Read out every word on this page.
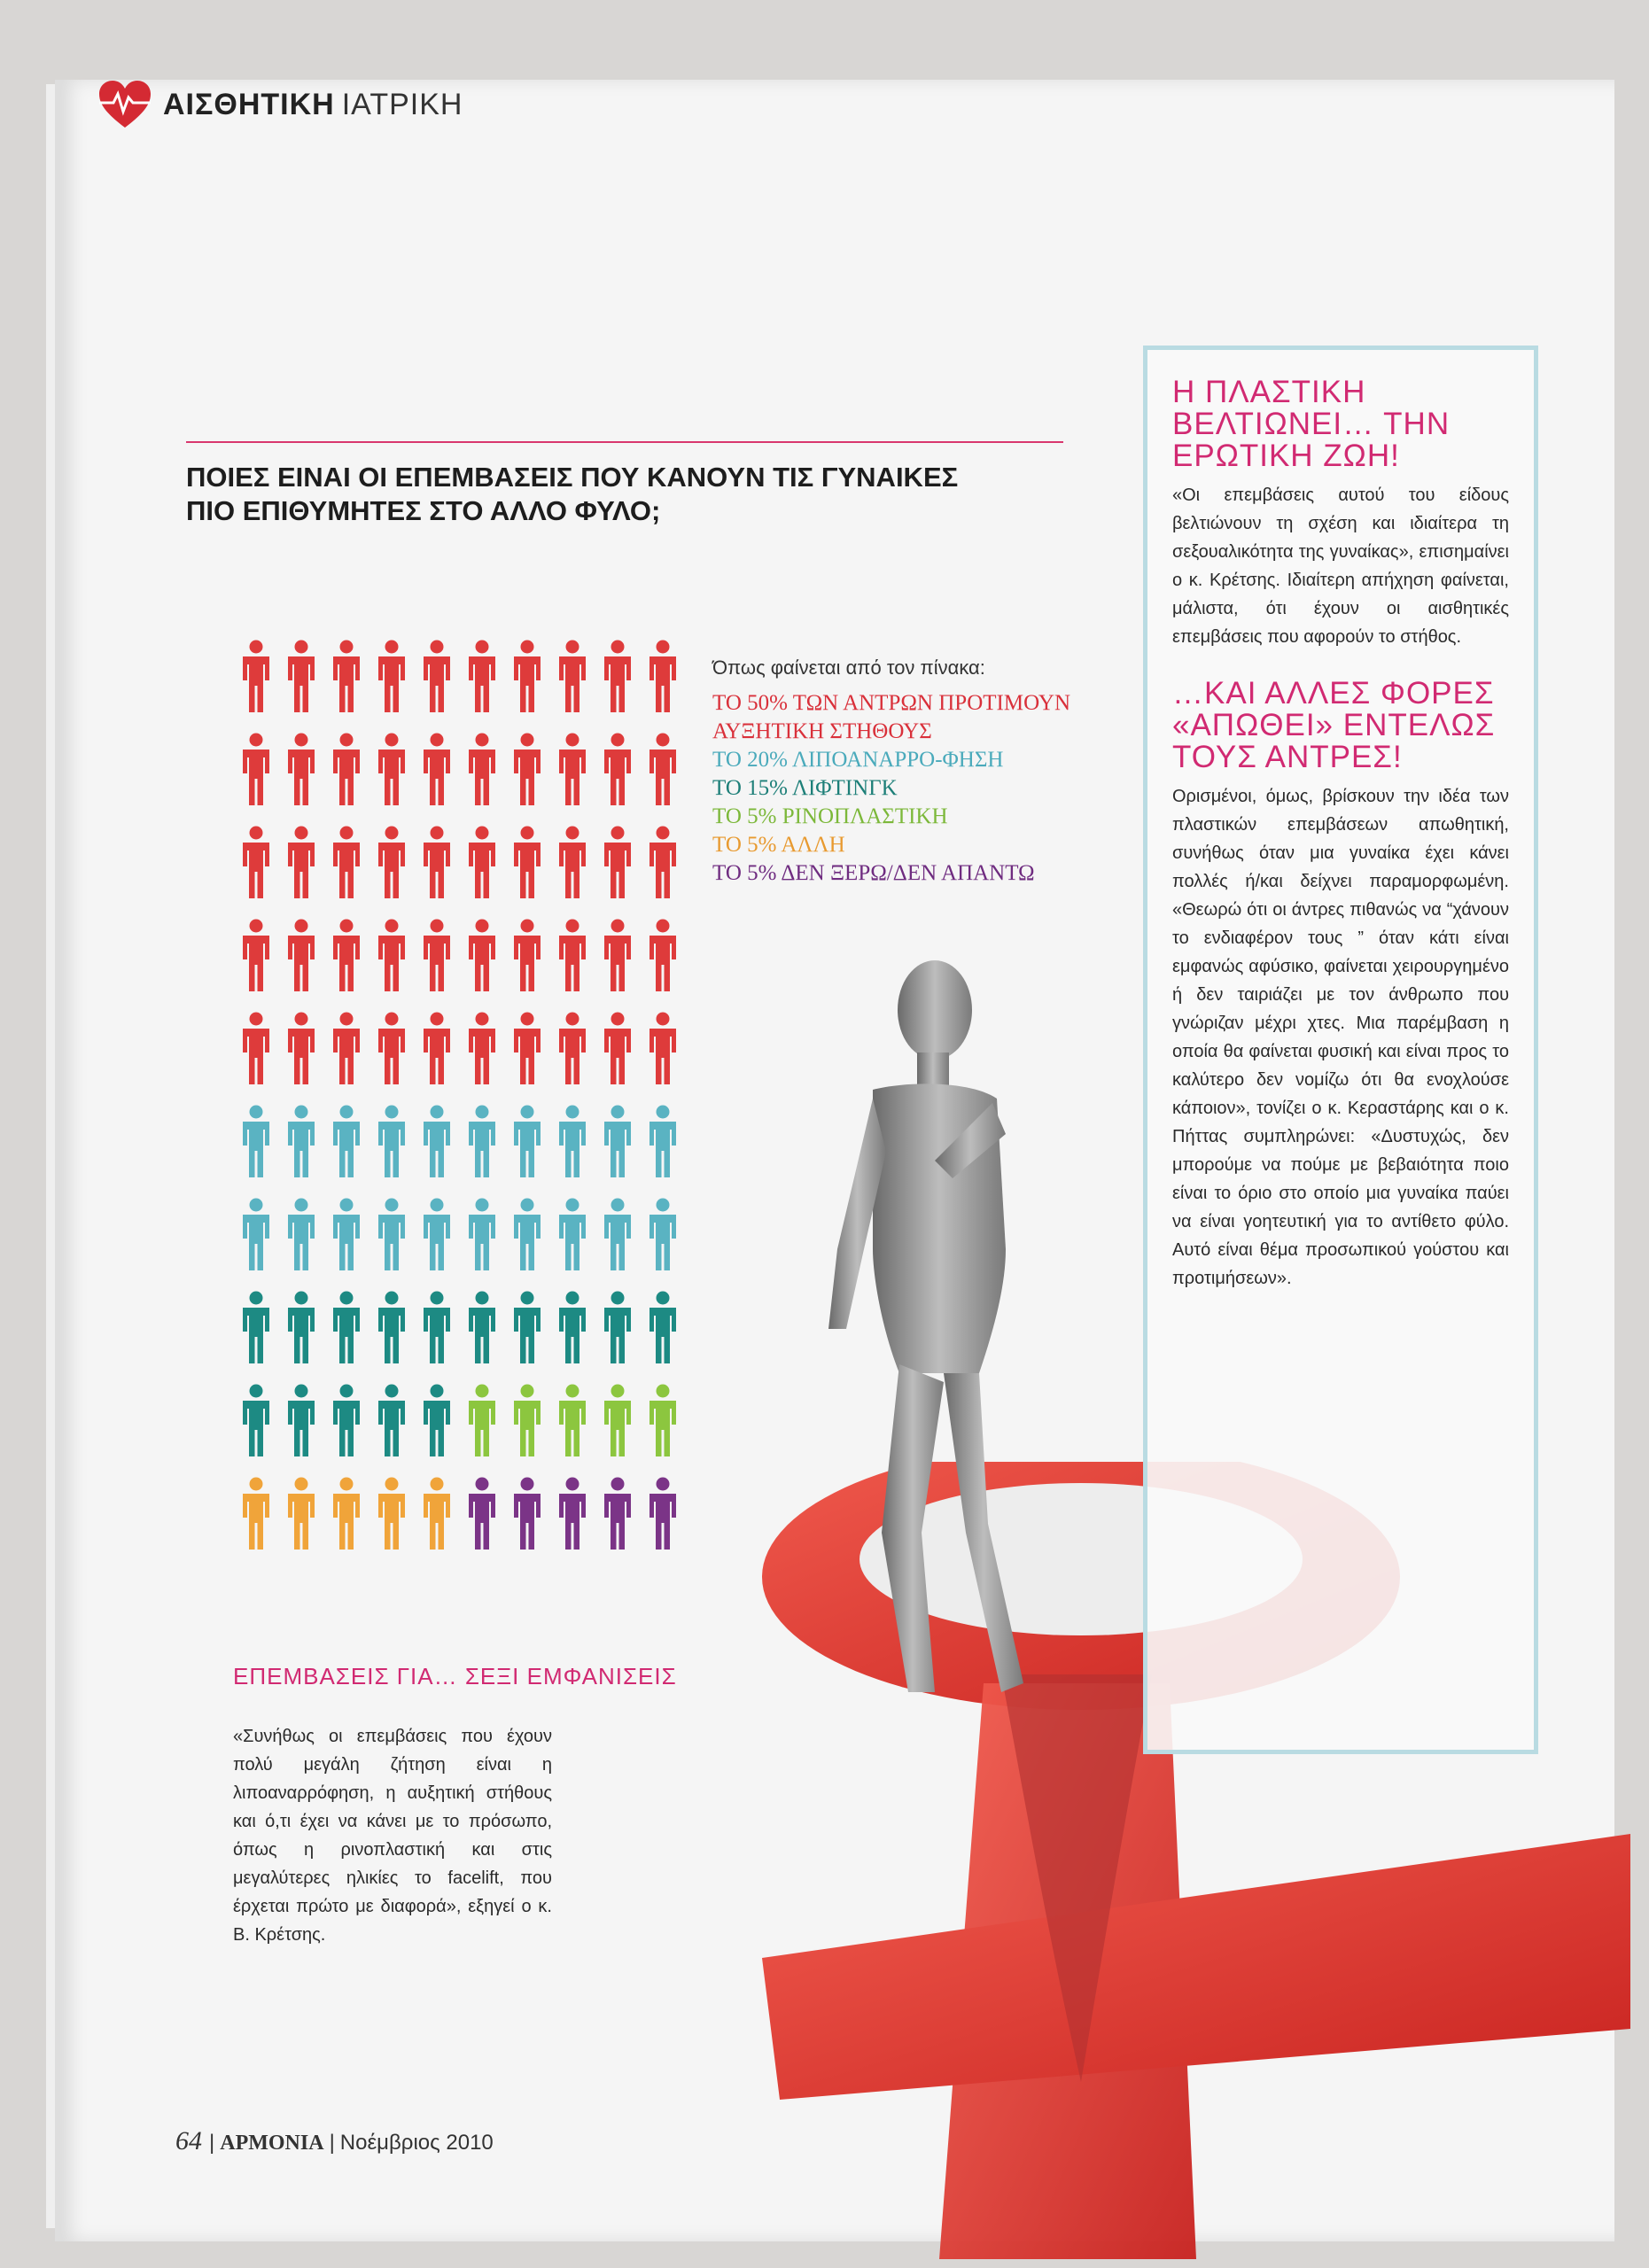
ΑΙΣΘΗΤΙΚΗ ΙΑΤΡΙΚΗ
ΠΟΙΕΣ ΕΙΝΑΙ ΟΙ ΕΠΕΜΒΑΣΕΙΣ ΠΟΥ ΚΑΝΟΥΝ ΤΙΣ ΓΥΝΑΙΚΕΣ ΠΙΟ ΕΠΙΘΥΜΗΤΕΣ ΣΤΟ ΑΛΛΟ ΦΥΛΟ;
Όπως φαίνεται από τον πίνακα:
ΤΟ 50% ΤΩΝ ΑΝΤΡΩΝ ΠΡΟΤΙΜΟΥΝ ΑΥΞΗΤΙΚΗ ΣΤΗΘΟΥΣ
ΤΟ 20% ΛΙΠΟΑΝΑΡΡΟ-ΦΗΣΗ
ΤΟ 15% ΛΙΦΤΙΝΓΚ
ΤΟ 5% ΡΙΝΟΠΛΑΣΤΙΚΗ
ΤΟ 5% ΑΛΛΗ
ΤΟ 5% ΔΕΝ ΞΕΡΩ/ΔΕΝ ΑΠΑΝΤΩ
Η ΠΛΑΣΤΙΚΗ ΒΕΛΤΙΩΝΕΙ… ΤΗΝ ΕΡΩΤΙΚΗ ΖΩΗ!
«Οι επεμβάσεις αυτού του είδους βελτιώνουν τη σχέση και ιδιαίτερα τη σεξουαλικότητα της γυναίκας», επισημαίνει ο κ. Κρέτσης. Ιδιαίτερη απήχηση φαίνεται, μάλιστα, ότι έχουν οι αισθητικές επεμβάσεις που αφορούν το στήθος.
…ΚΑΙ ΑΛΛΕΣ ΦΟΡΕΣ «ΑΠΩΘΕΙ» ΕΝΤΕΛΩΣ ΤΟΥΣ ΑΝΤΡΕΣ!
Ορισμένοι, όμως, βρίσκουν την ιδέα των πλαστικών επεμβάσεων απωθητική, συνήθως όταν μια γυναίκα έχει κάνει πολλές ή/και δείχνει παραμορφωμένη. «Θεωρώ ότι οι άντρες πιθανώς να “χάνουν το ενδιαφέρον τους ” όταν κάτι είναι εμφανώς αφύσικο, φαίνεται χειρουργημένο ή δεν ταιριάζει με τον άνθρωπο που γνώριζαν μέχρι χτες. Μια παρέμβαση η οποία θα φαίνεται φυσική και είναι προς το καλύτερο δεν νομίζω ότι θα ενοχλούσε κάποιον», τονίζει ο κ. Κεραστάρης και ο κ. Πήττας συμπληρώνει: «Δυστυχώς, δεν μπορούμε να πούμε με βεβαιότητα ποιο είναι το όριο στο οποίο μια γυναίκα παύει να είναι γοητευτική για το αντίθετο φύλο. Αυτό είναι θέμα προσωπικού γούστου και προτιμήσεων».
ΕΠΕΜΒΑΣΕΙΣ ΓΙΑ… ΣΕΞΙ ΕΜΦΑΝΙΣΕΙΣ
«Συνήθως οι επεμβάσεις που έχουν πολύ μεγάλη ζήτηση είναι η λιποαναρρόφηση, η αυξητική στήθους και ό,τι έχει να κάνει με το πρόσωπο, όπως η ρινοπλαστική και στις μεγαλύτερες ηλικίες το facelift, που έρχεται πρώτο με διαφορά», εξηγεί ο κ. Β. Κρέτσης.
64 | ΑΡΜΟΝΙΑ | Νοέμβριος 2010
